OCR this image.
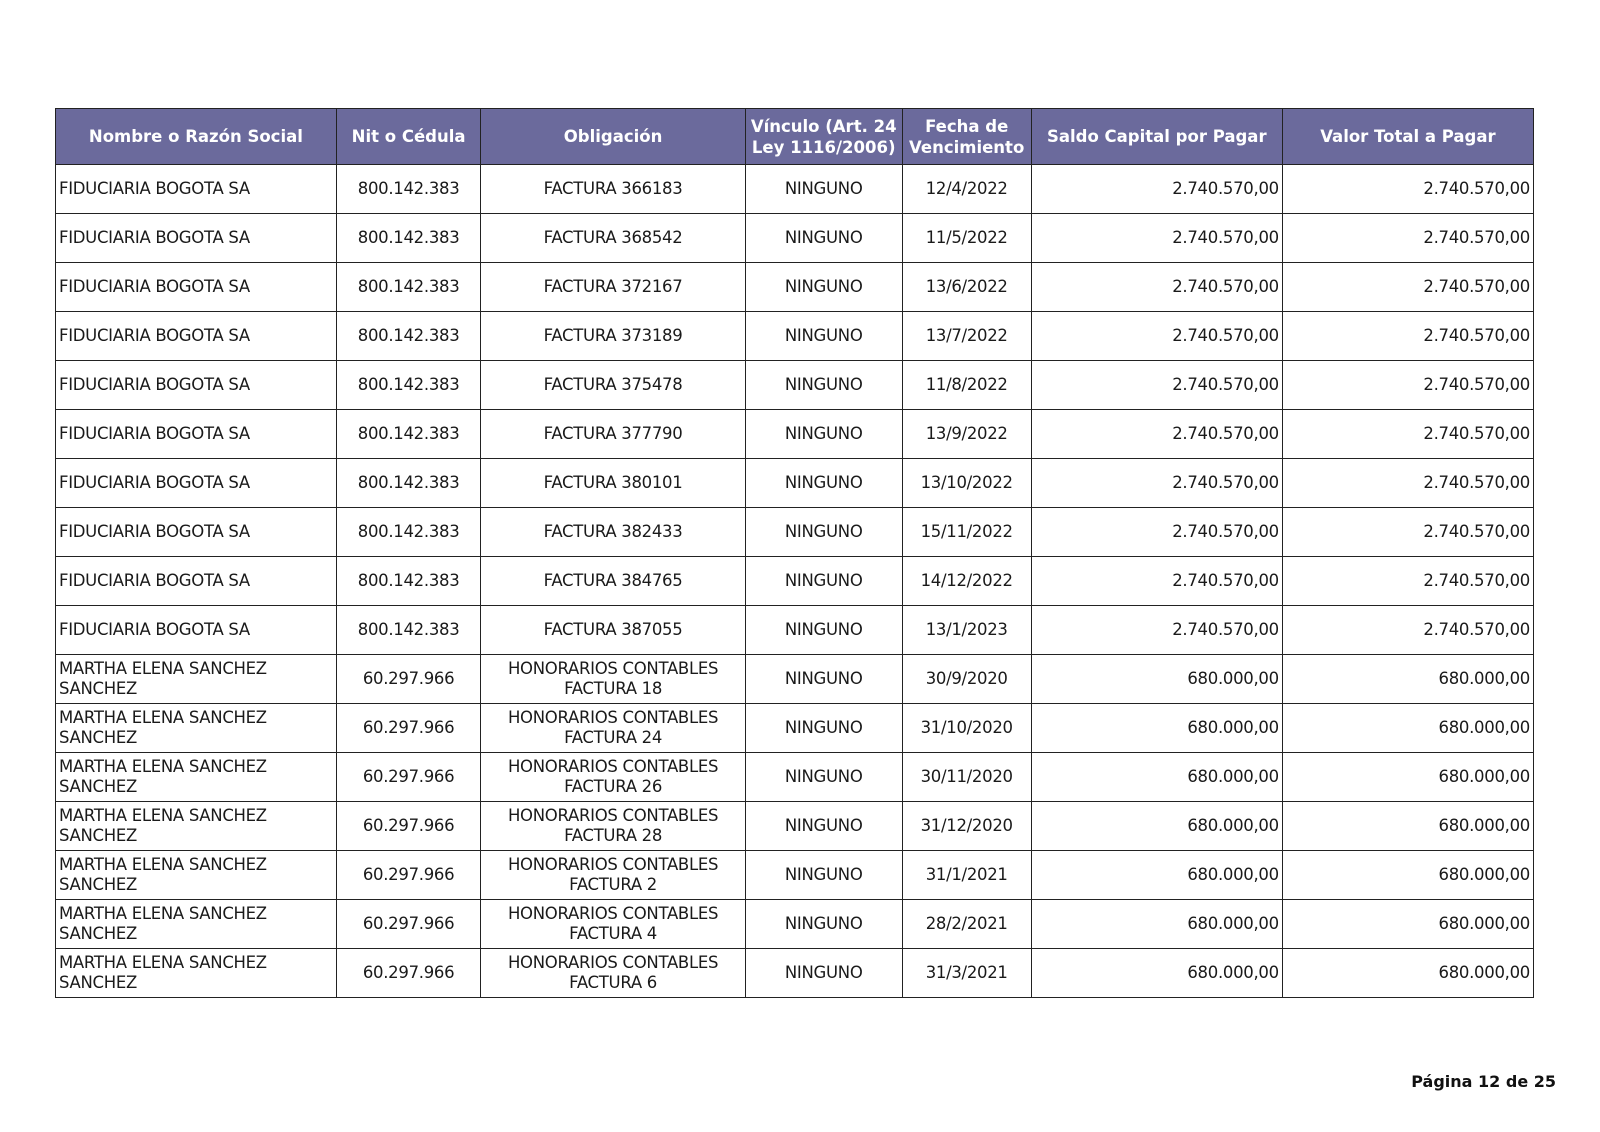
Nombre o Razón Social	Nit o Cédula	Obligación	Vínculo (Art. 24 Ley 1116/2006)	Fecha de Vencimiento	Saldo Capital por Pagar	Valor Total a Pagar
FIDUCIARIA BOGOTA SA	800.142.383	FACTURA 366183	NINGUNO	12/4/2022	2.740.570,00	2.740.570,00
FIDUCIARIA BOGOTA SA	800.142.383	FACTURA 368542	NINGUNO	11/5/2022	2.740.570,00	2.740.570,00
FIDUCIARIA BOGOTA SA	800.142.383	FACTURA 372167	NINGUNO	13/6/2022	2.740.570,00	2.740.570,00
FIDUCIARIA BOGOTA SA	800.142.383	FACTURA 373189	NINGUNO	13/7/2022	2.740.570,00	2.740.570,00
FIDUCIARIA BOGOTA SA	800.142.383	FACTURA 375478	NINGUNO	11/8/2022	2.740.570,00	2.740.570,00
FIDUCIARIA BOGOTA SA	800.142.383	FACTURA 377790	NINGUNO	13/9/2022	2.740.570,00	2.740.570,00
FIDUCIARIA BOGOTA SA	800.142.383	FACTURA 380101	NINGUNO	13/10/2022	2.740.570,00	2.740.570,00
FIDUCIARIA BOGOTA SA	800.142.383	FACTURA 382433	NINGUNO	15/11/2022	2.740.570,00	2.740.570,00
FIDUCIARIA BOGOTA SA	800.142.383	FACTURA 384765	NINGUNO	14/12/2022	2.740.570,00	2.740.570,00
FIDUCIARIA BOGOTA SA	800.142.383	FACTURA 387055	NINGUNO	13/1/2023	2.740.570,00	2.740.570,00
MARTHA ELENA SANCHEZ SANCHEZ	60.297.966	HONORARIOS CONTABLES FACTURA 18	NINGUNO	30/9/2020	680.000,00	680.000,00
MARTHA ELENA SANCHEZ SANCHEZ	60.297.966	HONORARIOS CONTABLES FACTURA 24	NINGUNO	31/10/2020	680.000,00	680.000,00
MARTHA ELENA SANCHEZ SANCHEZ	60.297.966	HONORARIOS CONTABLES FACTURA 26	NINGUNO	30/11/2020	680.000,00	680.000,00
MARTHA ELENA SANCHEZ SANCHEZ	60.297.966	HONORARIOS CONTABLES FACTURA 28	NINGUNO	31/12/2020	680.000,00	680.000,00
MARTHA ELENA SANCHEZ SANCHEZ	60.297.966	HONORARIOS CONTABLES FACTURA 2	NINGUNO	31/1/2021	680.000,00	680.000,00
MARTHA ELENA SANCHEZ SANCHEZ	60.297.966	HONORARIOS CONTABLES FACTURA 4	NINGUNO	28/2/2021	680.000,00	680.000,00
MARTHA ELENA SANCHEZ SANCHEZ	60.297.966	HONORARIOS CONTABLES FACTURA 6	NINGUNO	31/3/2021	680.000,00	680.000,00
Página 12 de 25
